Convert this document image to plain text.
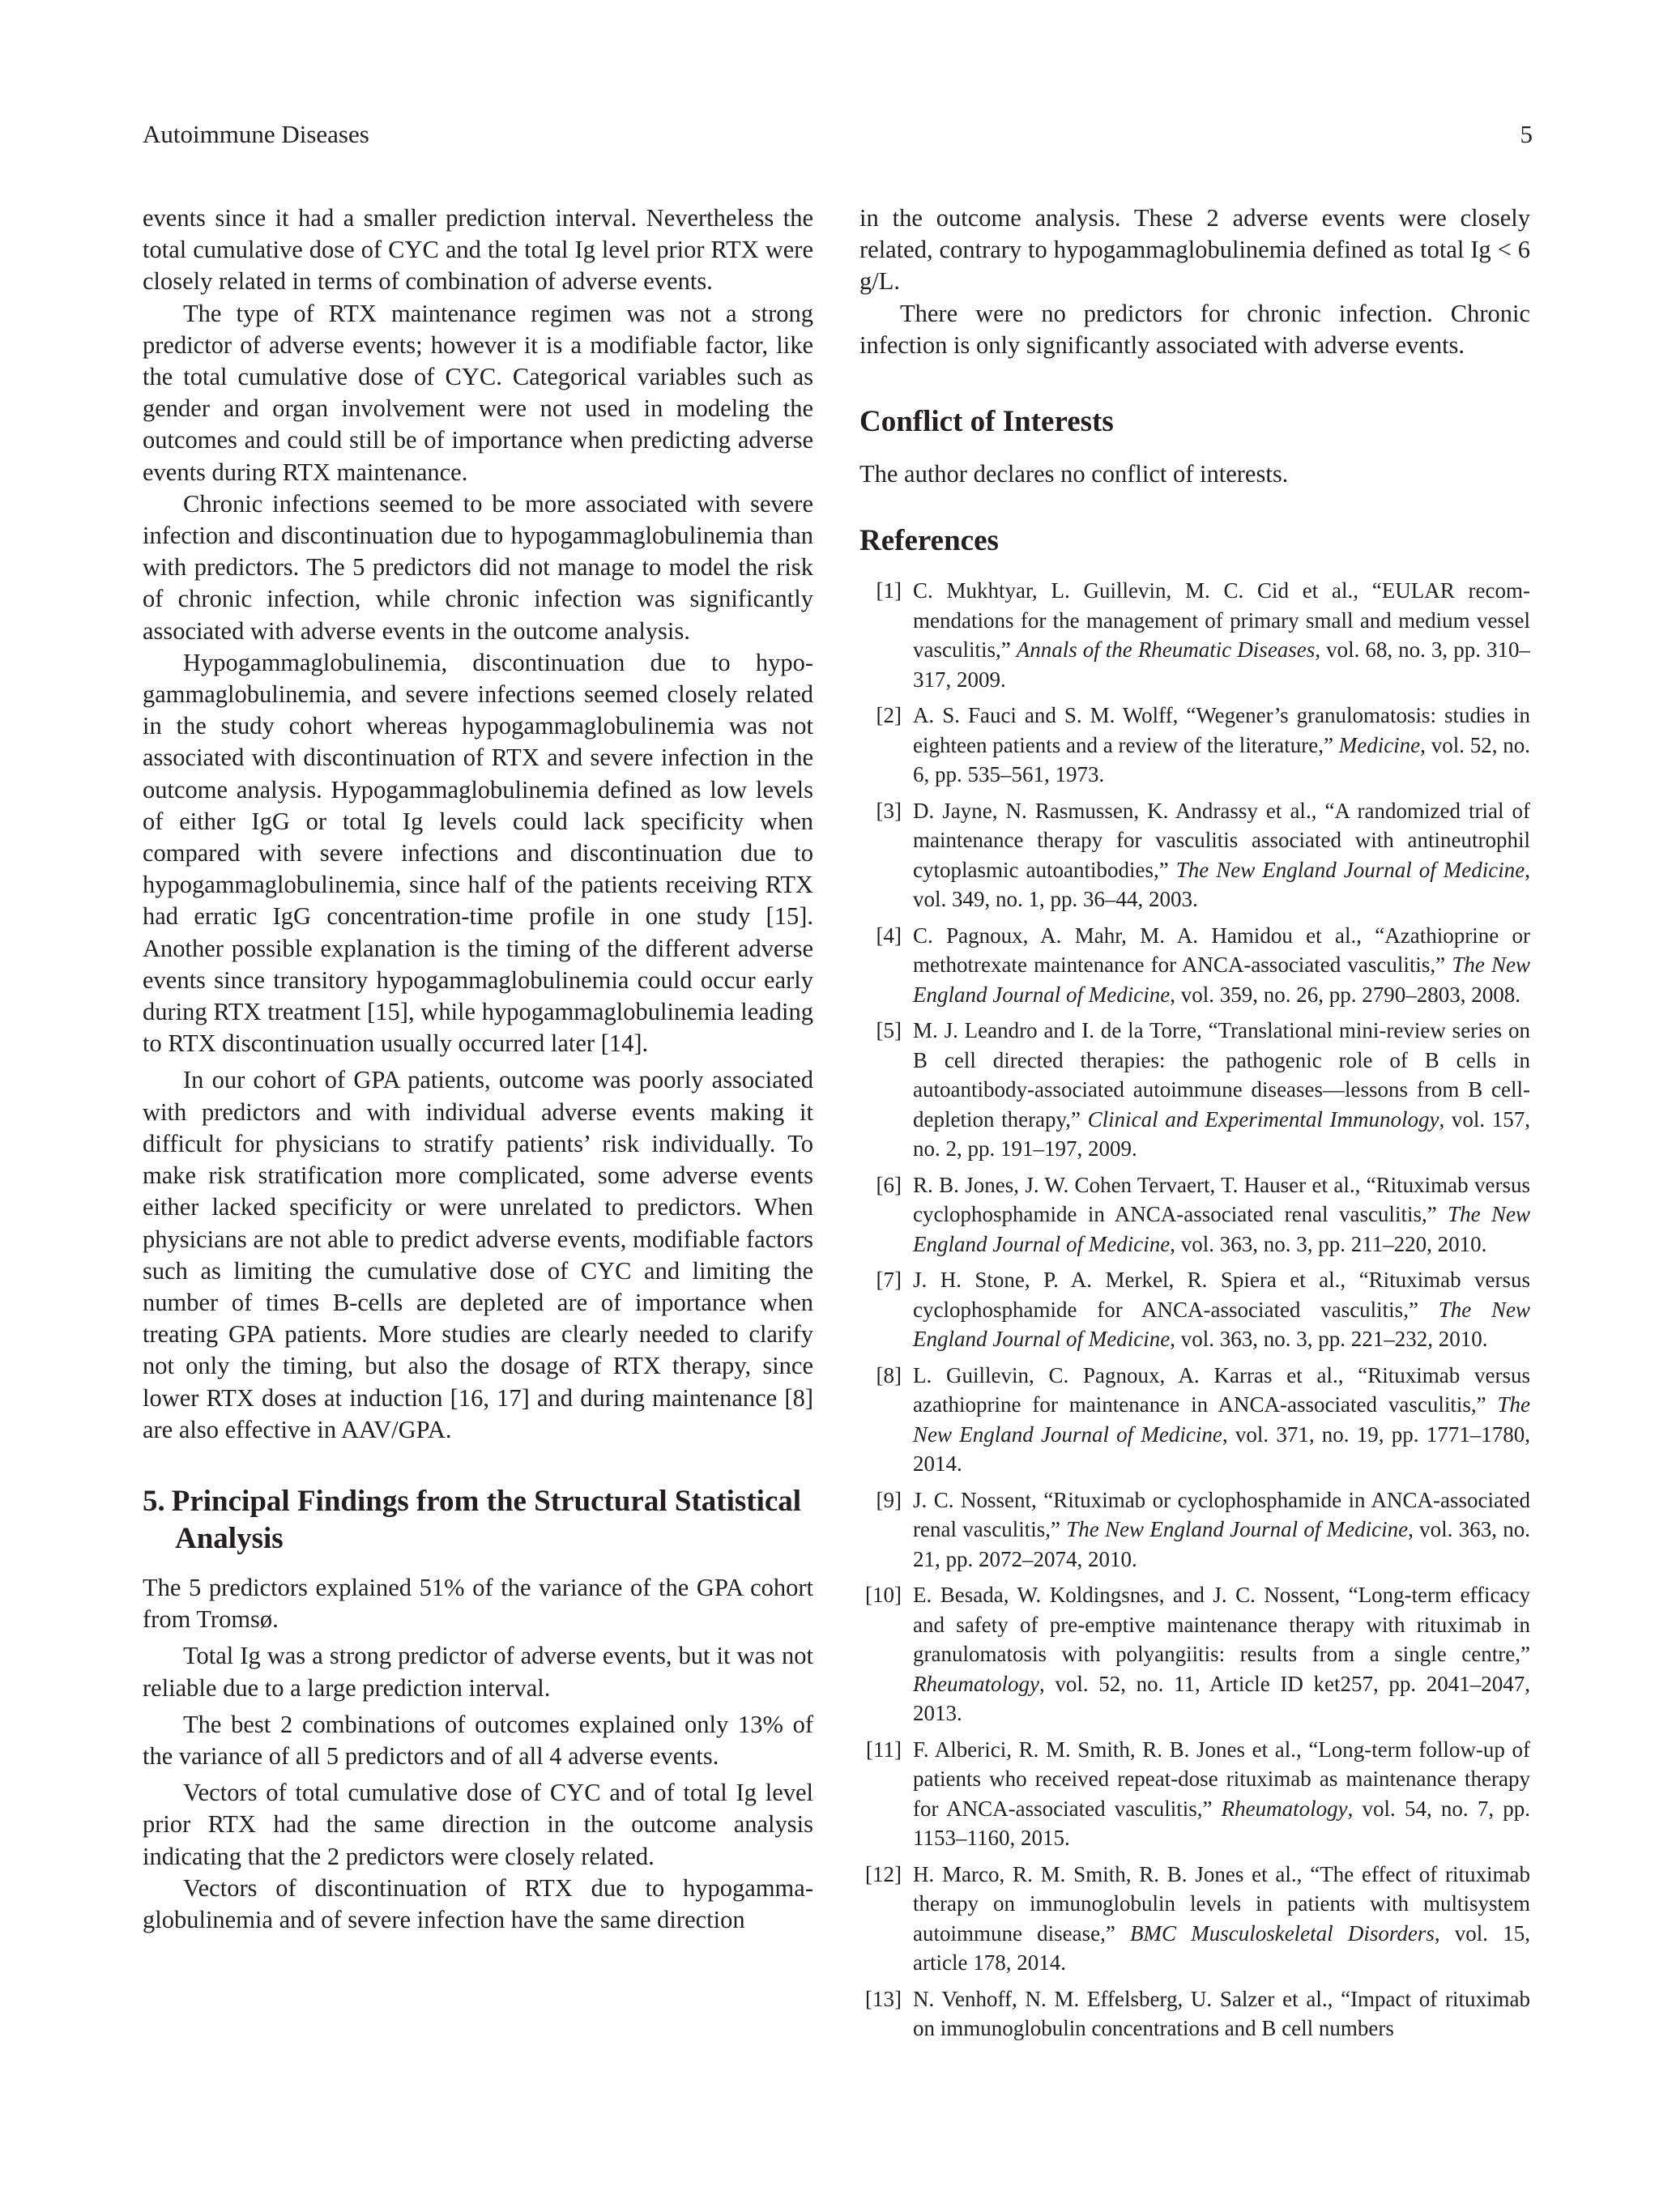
Autoimmune Diseases	5

events since it had a smaller prediction interval. Nevertheless the total cumulative dose of CYC and the total Ig level prior RTX were closely related in terms of combination of adverse events.

The type of RTX maintenance regimen was not a strong predictor of adverse events; however it is a modifiable factor, like the total cumulative dose of CYC. Categorical variables such as gender and organ involvement were not used in modeling the outcomes and could still be of importance when predicting adverse events during RTX maintenance.

Chronic infections seemed to be more associated with severe infection and discontinuation due to hypogammaglobulinemia than with predictors. The 5 predictors did not manage to model the risk of chronic infection, while chronic infection was significantly associated with adverse events in the outcome analysis.

Hypogammaglobulinemia, discontinuation due to hypogammaglobulinemia, and severe infections seemed closely related in the study cohort whereas hypogammaglobulinemia was not associated with discontinuation of RTX and severe infection in the outcome analysis. Hypogammaglobulinemia defined as low levels of either IgG or total Ig levels could lack specificity when compared with severe infections and discontinuation due to hypogammaglobulinemia, since half of the patients receiving RTX had erratic IgG concentration-time profile in one study [15]. Another possible explanation is the timing of the different adverse events since transitory hypogammaglobulinemia could occur early during RTX treatment [15], while hypogammaglobulinemia leading to RTX discontinuation usually occurred later [14].

In our cohort of GPA patients, outcome was poorly associated with predictors and with individual adverse events making it difficult for physicians to stratify patients’ risk individually. To make risk stratification more complicated, some adverse events either lacked specificity or were unrelated to predictors. When physicians are not able to predict adverse events, modifiable factors such as limiting the cumulative dose of CYC and limiting the number of times B-cells are depleted are of importance when treating GPA patients. More studies are clearly needed to clarify not only the timing, but also the dosage of RTX therapy, since lower RTX doses at induction [16, 17] and during maintenance [8] are also effective in AAV/GPA.

5. Principal Findings from the Structural Statistical Analysis

The 5 predictors explained 51% of the variance of the GPA cohort from Tromsø.

Total Ig was a strong predictor of adverse events, but it was not reliable due to a large prediction interval.

The best 2 combinations of outcomes explained only 13% of the variance of all 5 predictors and of all 4 adverse events.

Vectors of total cumulative dose of CYC and of total Ig level prior RTX had the same direction in the outcome analysis indicating that the 2 predictors were closely related.

Vectors of discontinuation of RTX due to hypogammaglobulinemia and of severe infection have the same direction

in the outcome analysis. These 2 adverse events were closely related, contrary to hypogammaglobulinemia defined as total Ig < 6 g/L.

There were no predictors for chronic infection. Chronic infection is only significantly associated with adverse events.

Conflict of Interests

The author declares no conflict of interests.

References
[1] C. Mukhtyar, L. Guillevin, M. C. Cid et al., “EULAR recommendations for the management of primary small and medium vessel vasculitis,” Annals of the Rheumatic Diseases, vol. 68, no. 3, pp. 310–317, 2009.
[2] A. S. Fauci and S. M. Wolff, “Wegener’s granulomatosis: studies in eighteen patients and a review of the literature,” Medicine, vol. 52, no. 6, pp. 535–561, 1973.
[3] D. Jayne, N. Rasmussen, K. Andrassy et al., “A randomized trial of maintenance therapy for vasculitis associated with antineutrophil cytoplasmic autoantibodies,” The New England Journal of Medicine, vol. 349, no. 1, pp. 36–44, 2003.
[4] C. Pagnoux, A. Mahr, M. A. Hamidou et al., “Azathioprine or methotrexate maintenance for ANCA-associated vasculitis,” The New England Journal of Medicine, vol. 359, no. 26, pp. 2790–2803, 2008.
[5] M. J. Leandro and I. de la Torre, “Translational mini-review series on B cell directed therapies: the pathogenic role of B cells in autoantibody-associated autoimmune diseases—lessons from B cell-depletion therapy,” Clinical and Experimental Immunology, vol. 157, no. 2, pp. 191–197, 2009.
[6] R. B. Jones, J. W. Cohen Tervaert, T. Hauser et al., “Rituximab versus cyclophosphamide in ANCA-associated renal vasculitis,” The New England Journal of Medicine, vol. 363, no. 3, pp. 211–220, 2010.
[7] J. H. Stone, P. A. Merkel, R. Spiera et al., “Rituximab versus cyclophosphamide for ANCA-associated vasculitis,” The New England Journal of Medicine, vol. 363, no. 3, pp. 221–232, 2010.
[8] L. Guillevin, C. Pagnoux, A. Karras et al., “Rituximab versus azathioprine for maintenance in ANCA-associated vasculitis,” The New England Journal of Medicine, vol. 371, no. 19, pp. 1771–1780, 2014.
[9] J. C. Nossent, “Rituximab or cyclophosphamide in ANCA-associated renal vasculitis,” The New England Journal of Medicine, vol. 363, no. 21, pp. 2072–2074, 2010.
[10] E. Besada, W. Koldingsnes, and J. C. Nossent, “Long-term efficacy and safety of pre-emptive maintenance therapy with rituximab in granulomatosis with polyangiitis: results from a single centre,” Rheumatology, vol. 52, no. 11, Article ID ket257, pp. 2041–2047, 2013.
[11] F. Alberici, R. M. Smith, R. B. Jones et al., “Long-term follow-up of patients who received repeat-dose rituximab as maintenance therapy for ANCA-associated vasculitis,” Rheumatology, vol. 54, no. 7, pp. 1153–1160, 2015.
[12] H. Marco, R. M. Smith, R. B. Jones et al., “The effect of rituximab therapy on immunoglobulin levels in patients with multisystem autoimmune disease,” BMC Musculoskeletal Disorders, vol. 15, article 178, 2014.
[13] N. Venhoff, N. M. Effelsberg, U. Salzer et al., “Impact of rituximab on immunoglobulin concentrations and B cell numbers
